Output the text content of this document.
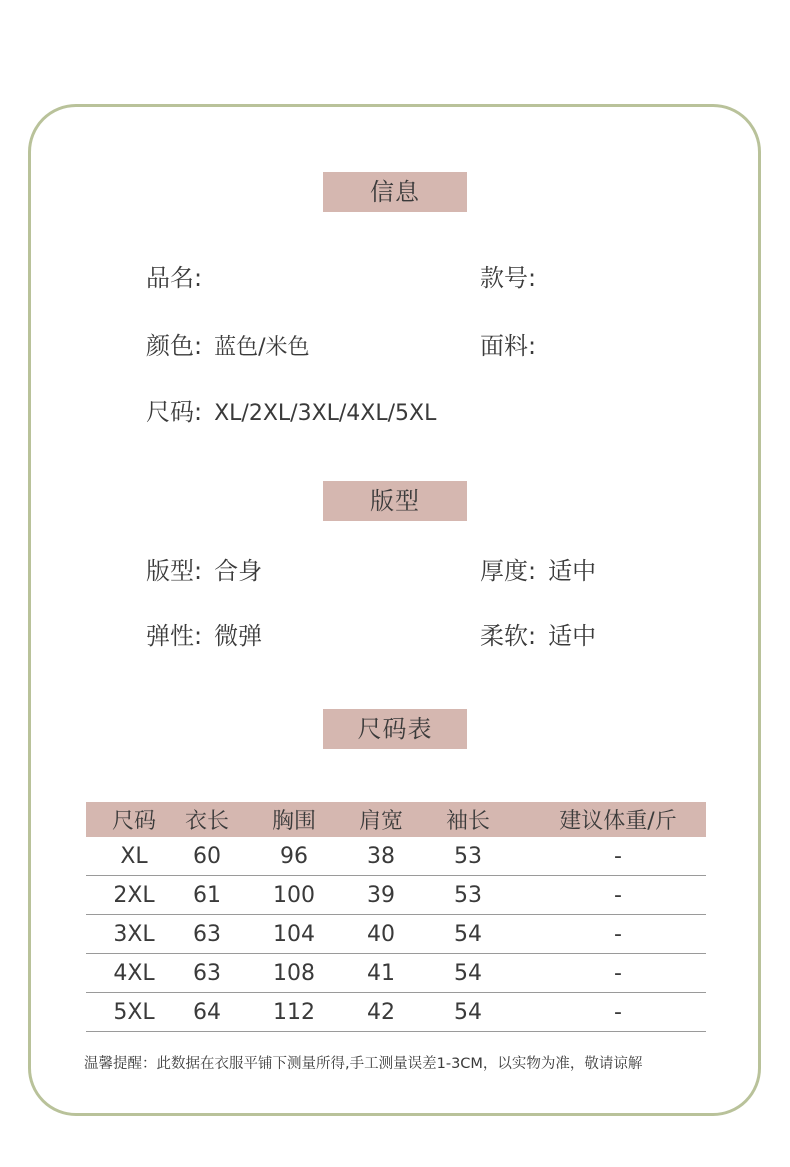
信息
品名:	款号:
颜色: 蓝色/米色	面料:
尺码: XL/2XL/3XL/4XL/5XL
版型
版型: 合身	厚度: 适中
弹性: 微弹	柔软: 适中
尺码表
尺码	衣长	胸围	肩宽	袖长	建议体重/斤
XL	60	96	38	53	-
2XL	61	100	39	53	-
3XL	63	104	40	54	-
4XL	63	108	41	54	-
5XL	64	112	42	54	-
温馨提醒：此数据在衣服平铺下测量所得,手工测量误差1-3CM，以实物为准，敬请谅解
